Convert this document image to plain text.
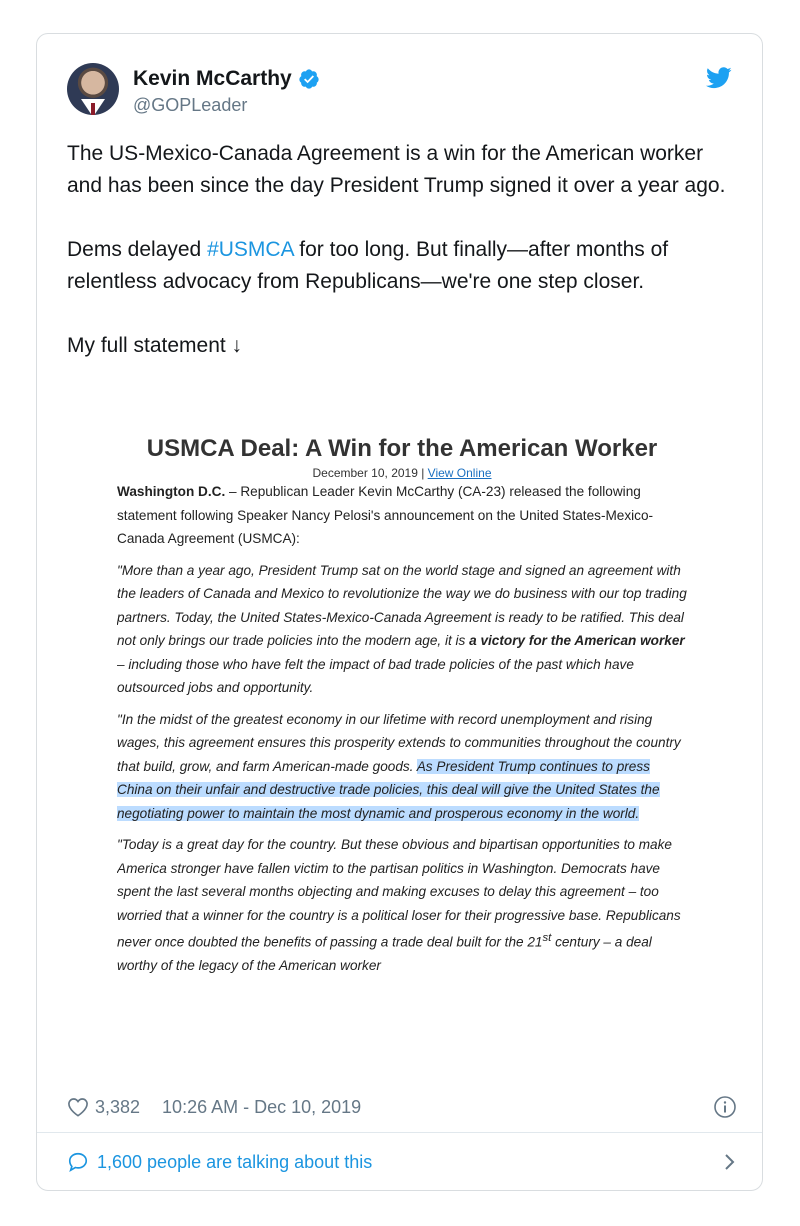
Kevin McCarthy
@GOPLeader

The US-Mexico-Canada Agreement is a win for the American worker and has been since the day President Trump signed it over a year ago.

Dems delayed #USMCA for too long. But finally—after months of relentless advocacy from Republicans—we're one step closer.

My full statement ↓

USMCA Deal: A Win for the American Worker
December 10, 2019 | View Online

Washington D.C. – Republican Leader Kevin McCarthy (CA-23) released the following statement following Speaker Nancy Pelosi's announcement on the United States-Mexico-Canada Agreement (USMCA):

"More than a year ago, President Trump sat on the world stage and signed an agreement with the leaders of Canada and Mexico to revolutionize the way we do business with our top trading partners. Today, the United States-Mexico-Canada Agreement is ready to be ratified. This deal not only brings our trade policies into the modern age, it is a victory for the American worker – including those who have felt the impact of bad trade policies of the past which have outsourced jobs and opportunity.

"In the midst of the greatest economy in our lifetime with record unemployment and rising wages, this agreement ensures this prosperity extends to communities throughout the country that build, grow, and farm American-made goods. As President Trump continues to press China on their unfair and destructive trade policies, this deal will give the United States the negotiating power to maintain the most dynamic and prosperous economy in the world.

"Today is a great day for the country. But these obvious and bipartisan opportunities to make America stronger have fallen victim to the partisan politics in Washington. Democrats have spent the last several months objecting and making excuses to delay this agreement – too worried that a winner for the country is a political loser for their progressive base. Republicans never once doubted the benefits of passing a trade deal built for the 21st century – a deal worthy of the legacy of the American worker

3,382 10:26 AM - Dec 10, 2019
1,600 people are talking about this
